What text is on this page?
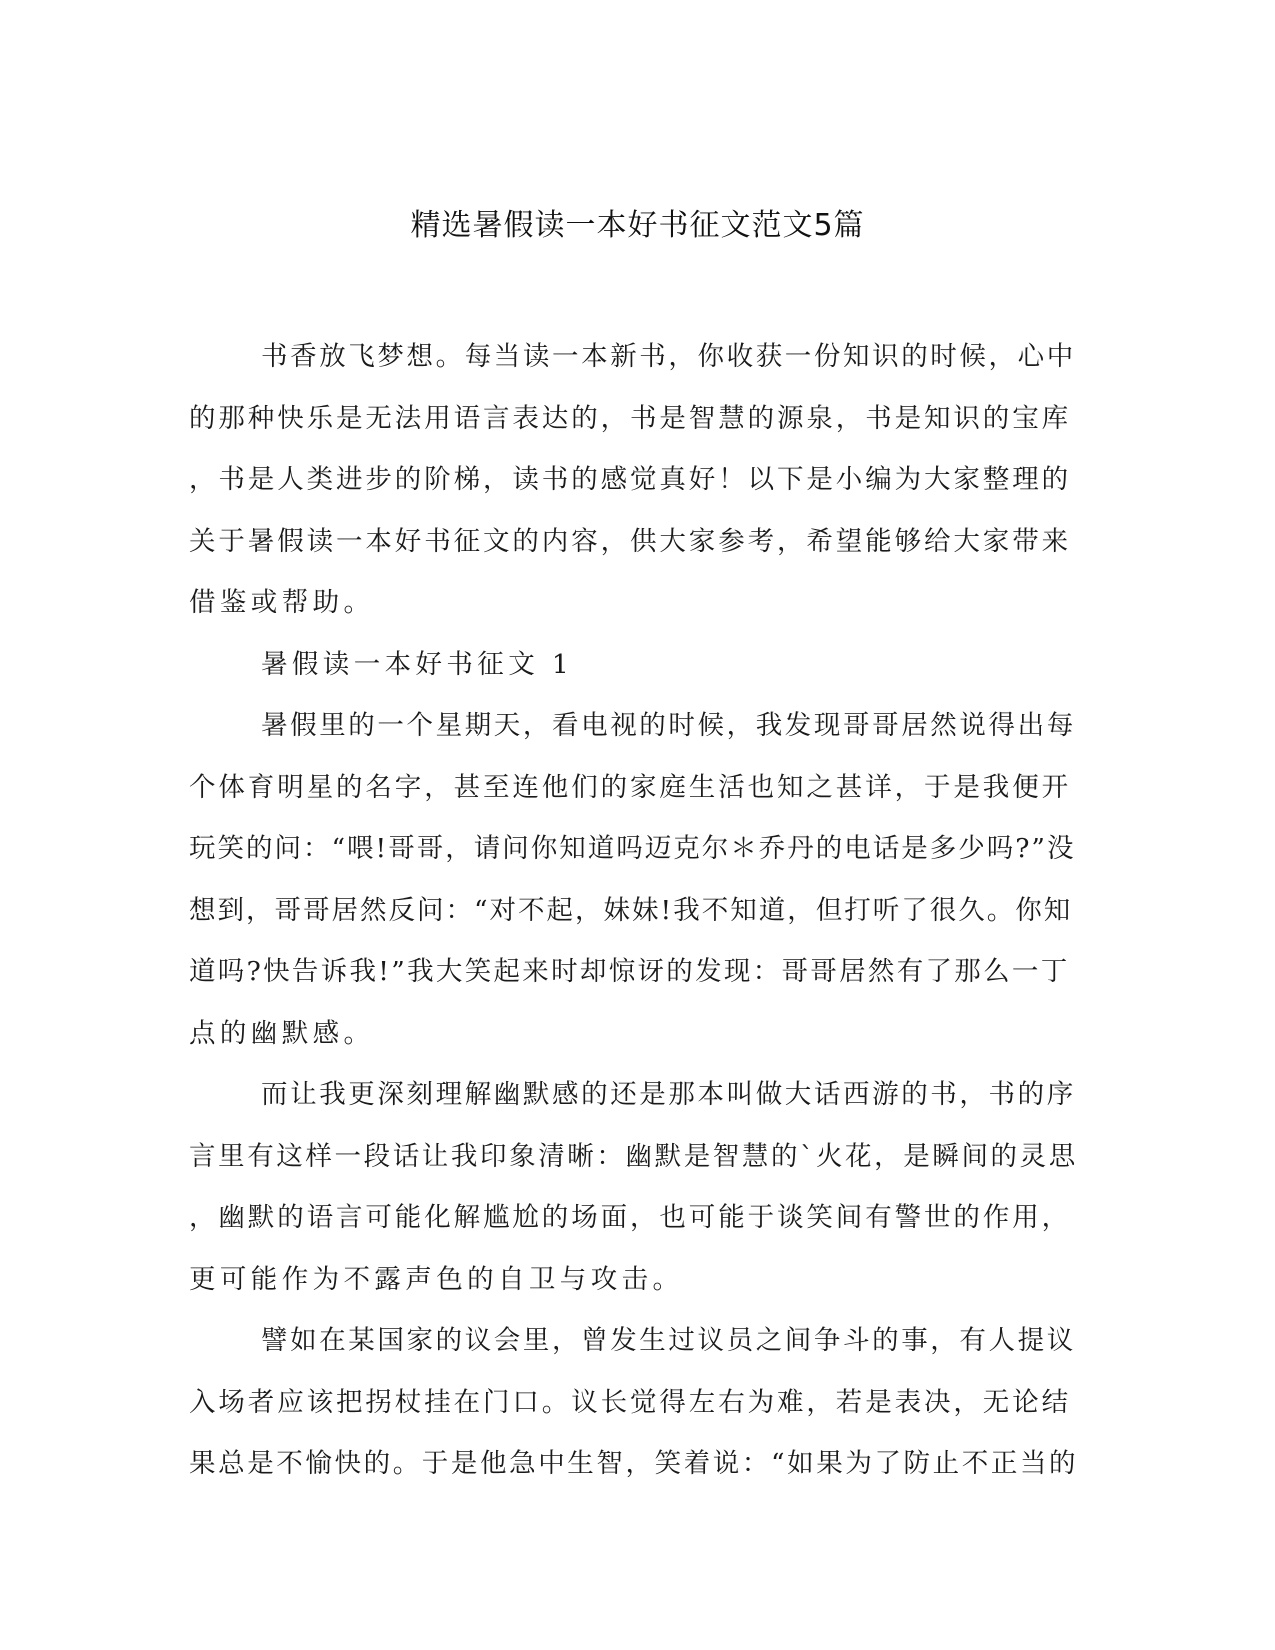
精选暑假读一本好书征文范文5篇
书香放飞梦想。每当读一本新书，你收获一份知识的时候，心中
的那种快乐是无法用语言表达的，书是智慧的源泉，书是知识的宝库
，书是人类进步的阶梯，读书的感觉真好！以下是小编为大家整理的
关于暑假读一本好书征文的内容，供大家参考，希望能够给大家带来
借鉴或帮助。
暑假读一本好书征文 1
暑假里的一个星期天，看电视的时候，我发现哥哥居然说得出每
个体育明星的名字，甚至连他们的家庭生活也知之甚详，于是我便开
玩笑的问：“喂!哥哥，请问你知道吗迈克尔＊乔丹的电话是多少吗?”没
想到，哥哥居然反问：“对不起，妹妹!我不知道，但打听了很久。你知
道吗?快告诉我!”我大笑起来时却惊讶的发现：哥哥居然有了那么一丁
点的幽默感。
而让我更深刻理解幽默感的还是那本叫做大话西游的书，书的序
言里有这样一段话让我印象清晰：幽默是智慧的`火花，是瞬间的灵思
，幽默的语言可能化解尴尬的场面，也可能于谈笑间有警世的作用，
更可能作为不露声色的自卫与攻击。
譬如在某国家的议会里，曾发生过议员之间争斗的事，有人提议
入场者应该把拐杖挂在门口。议长觉得左右为难，若是表决，无论结
果总是不愉快的。于是他急中生智，笑着说：“如果为了防止不正当的
